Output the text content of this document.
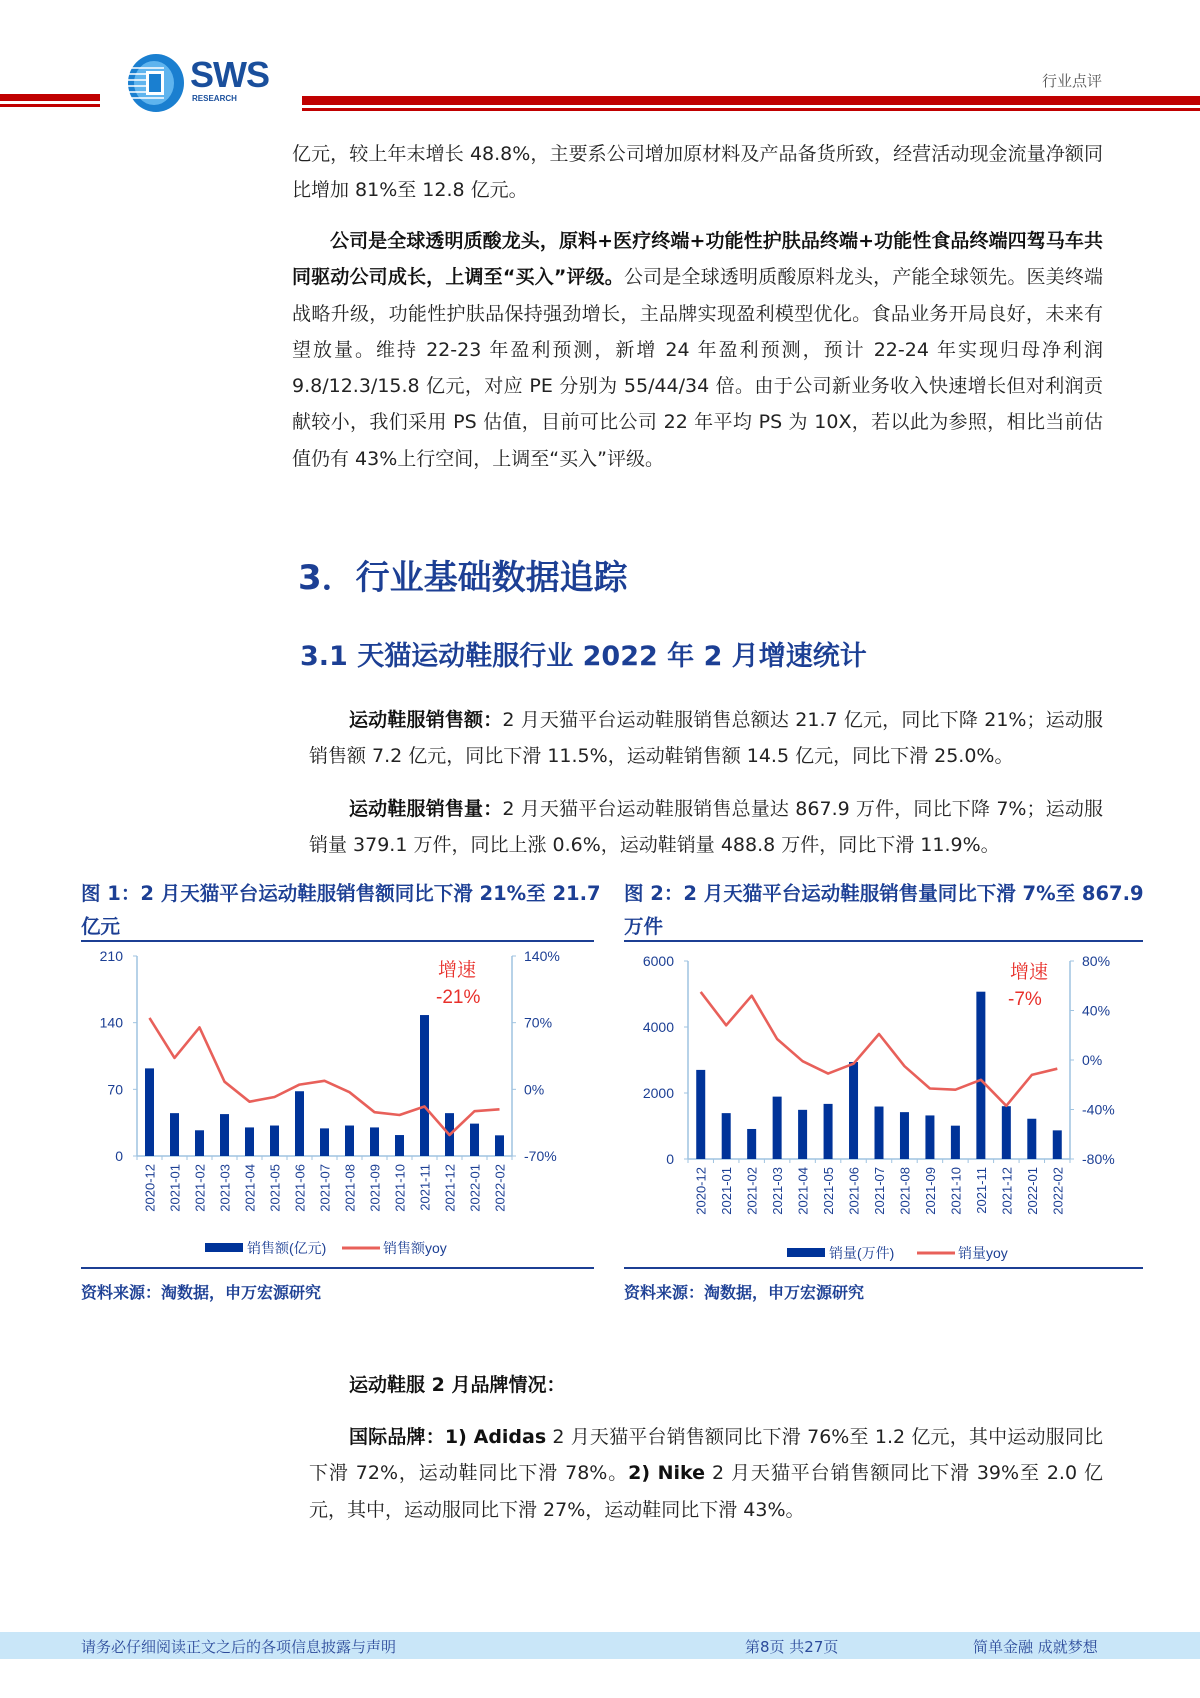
SWS
RESEARCH
行业点评
亿元，较上年末增长 48.8%，主要系公司增加原材料及产品备货所致，经营活动现金流量净额同比增加 81%至 12.8 亿元。
公司是全球透明质酸龙头，原料+医疗终端+功能性护肤品终端+功能性食品终端四驾马车共同驱动公司成长，上调至“买入”评级。公司是全球透明质酸原料龙头，产能全球领先。医美终端战略升级，功能性护肤品保持强劲增长，主品牌实现盈利模型优化。食品业务开局良好，未来有望放量。维持 22-23 年盈利预测，新增 24 年盈利预测，预计 22-24 年实现归母净利润 9.8/12.3/15.8 亿元，对应 PE 分别为 55/44/34 倍。由于公司新业务收入快速增长但对利润贡献较小，我们采用 PS 估值，目前可比公司 22 年平均 PS 为 10X，若以此为参照，相比当前估值仍有 43%上行空间，上调至“买入”评级。
3．行业基础数据追踪
3.1 天猫运动鞋服行业 2022 年 2 月增速统计
运动鞋服销售额：2 月天猫平台运动鞋服销售总额达 21.7 亿元，同比下降 21%；运动服销售额 7.2 亿元，同比下滑 11.5%，运动鞋销售额 14.5 亿元，同比下滑 25.0%。
运动鞋服销售量：2 月天猫平台运动鞋服销售总量达 867.9 万件，同比下降 7%；运动服销量 379.1 万件，同比上涨 0.6%，运动鞋销量 488.8 万件，同比下滑 11.9%。
图 1：2 月天猫平台运动鞋服销售额同比下滑 21%至 21.7 亿元
图 2：2 月天猫平台运动鞋服销售量同比下滑 7%至 867.9 万件
0
70
140
210
-70%
0%
70%
140%
2020-12 2021-01 2021-02 2021-03 2021-04 2021-05 2021-06 2021-07 2021-08 2021-09 2021-10 2021-11 2021-12 2022-01 2022-02
增速
-21%
销售额(亿元)	销售额yoy
0
2000
4000
6000
-80%
-40%
0%
40%
80%
2020-12 2021-01 2021-02 2021-03 2021-04 2021-05 2021-06 2021-07 2021-08 2021-09 2021-10 2021-11 2021-12 2022-01 2022-02
增速
-7%
销量(万件)	销量yoy
资料来源：淘数据，申万宏源研究	资料来源：淘数据，申万宏源研究
运动鞋服 2 月品牌情况：
国际品牌：1) Adidas 2 月天猫平台销售额同比下滑 76%至 1.2 亿元，其中运动服同比下滑 72%，运动鞋同比下滑 78%。2) Nike 2 月天猫平台销售额同比下滑 39%至 2.0 亿元，其中，运动服同比下滑 27%，运动鞋同比下滑 43%。
请务必仔细阅读正文之后的各项信息披露与声明	第8页 共27页	简单金融 成就梦想
